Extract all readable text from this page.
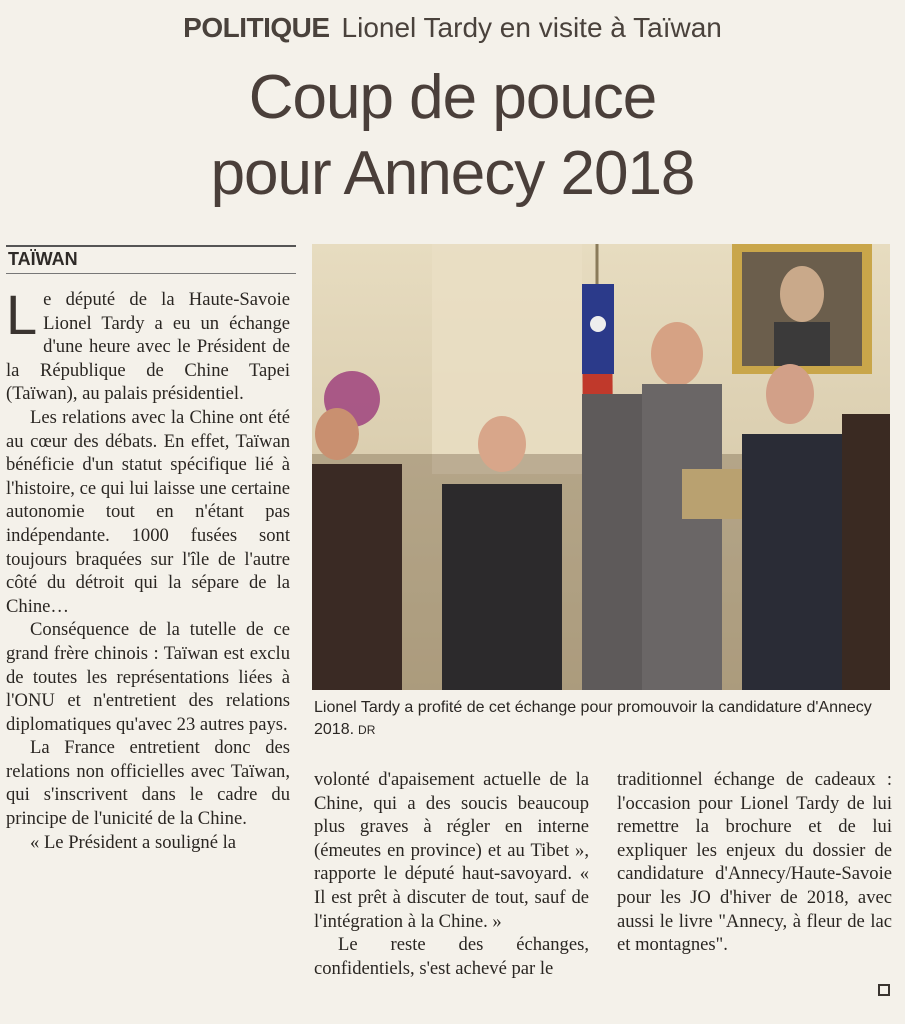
POLITIQUE Lionel Tardy en visite à Taïwan
Coup de pouce
pour Annecy 2018
TAÏWAN

Le député de la Haute-Savoie Lionel Tardy a eu un échange d'une heure avec le Président de la République de Chine Tapei (Taïwan), au palais présidentiel.

Les relations avec la Chine ont été au cœur des débats. En effet, Taïwan bénéficie d'un statut spécifique lié à l'histoire, ce qui lui laisse une certaine autonomie tout en n'étant pas indépendante. 1000 fusées sont toujours braquées sur l'île de l'autre côté du détroit qui la sépare de la Chine…

Conséquence de la tutelle de ce grand frère chinois : Taïwan est exclu de toutes les représentations liées à l'ONU et n'entretient des relations diplomatiques qu'avec 23 autres pays.

La France entretient donc des relations non officielles avec Taïwan, qui s'inscrivent dans le cadre du principe de l'unicité de la Chine.

« Le Président a souligné la

Lionel Tardy a profité de cet échange pour promouvoir la candidature d'Annecy 2018. DR

volonté d'apaisement actuelle de la Chine, qui a des soucis beaucoup plus graves à régler en interne (émeutes en province) et au Tibet », rapporte le député haut-savoyard. « Il est prêt à discuter de tout, sauf de l'intégration à la Chine. »

Le reste des échanges, confidentiels, s'est achevé par le

traditionnel échange de cadeaux : l'occasion pour Lionel Tardy de lui remettre la brochure et de lui expliquer les enjeux du dossier de candidature d'Annecy/Haute-Savoie pour les JO d'hiver de 2018, avec aussi le livre "Annecy, à fleur de lac et montagnes".
